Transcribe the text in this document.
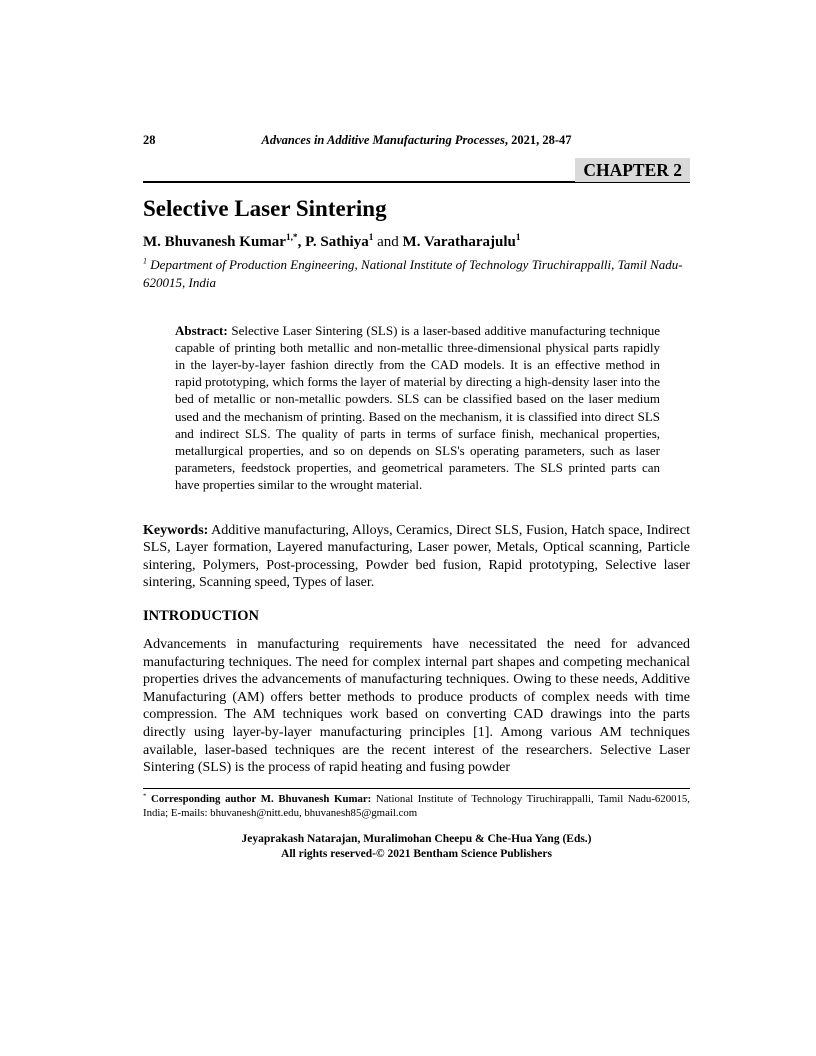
28	Advances in Additive Manufacturing Processes, 2021, 28-47
CHAPTER 2
Selective Laser Sintering

M. Bhuvanesh Kumar$^{1,*}$, P. Sathiya$^1$ and M. Varatharajulu$^1$

$^1$ Department of Production Engineering, National Institute of Technology Tiruchirappalli, Tamil Nadu-620015, India

Abstract: Selective Laser Sintering (SLS) is a laser-based additive manufacturing technique capable of printing both metallic and non-metallic three-dimensional physical parts rapidly in the layer-by-layer fashion directly from the CAD models. It is an effective method in rapid prototyping, which forms the layer of material by directing a high-density laser into the bed of metallic or non-metallic powders. SLS can be classified based on the laser medium used and the mechanism of printing. Based on the mechanism, it is classified into direct SLS and indirect SLS. The quality of parts in terms of surface finish, mechanical properties, metallurgical properties, and so on depends on SLS's operating parameters, such as laser parameters, feedstock properties, and geometrical parameters. The SLS printed parts can have properties similar to the wrought material.

Keywords: Additive manufacturing, Alloys, Ceramics, Direct SLS, Fusion, Hatch space, Indirect SLS, Layer formation, Layered manufacturing, Laser power, Metals, Optical scanning, Particle sintering, Polymers, Post-processing, Powder bed fusion, Rapid prototyping, Selective laser sintering, Scanning speed, Types of laser.

INTRODUCTION

Advancements in manufacturing requirements have necessitated the need for advanced manufacturing techniques. The need for complex internal part shapes and competing mechanical properties drives the advancements of manufacturing techniques. Owing to these needs, Additive Manufacturing (AM) offers better methods to produce products of complex needs with time compression. The AM techniques work based on converting CAD drawings into the parts directly using layer-by-layer manufacturing principles [1]. Among various AM techniques available, laser-based techniques are the recent interest of the researchers. Selective Laser Sintering (SLS) is the process of rapid heating and fusing powder

* Corresponding author M. Bhuvanesh Kumar: National Institute of Technology Tiruchirappalli, Tamil Nadu-620015, India; E-mails: bhuvanesh@nitt.edu, bhuvanesh85@gmail.com

Jeyaprakash Natarajan, Muralimohan Cheepu & Che-Hua Yang (Eds.)
All rights reserved-© 2021 Bentham Science Publishers
